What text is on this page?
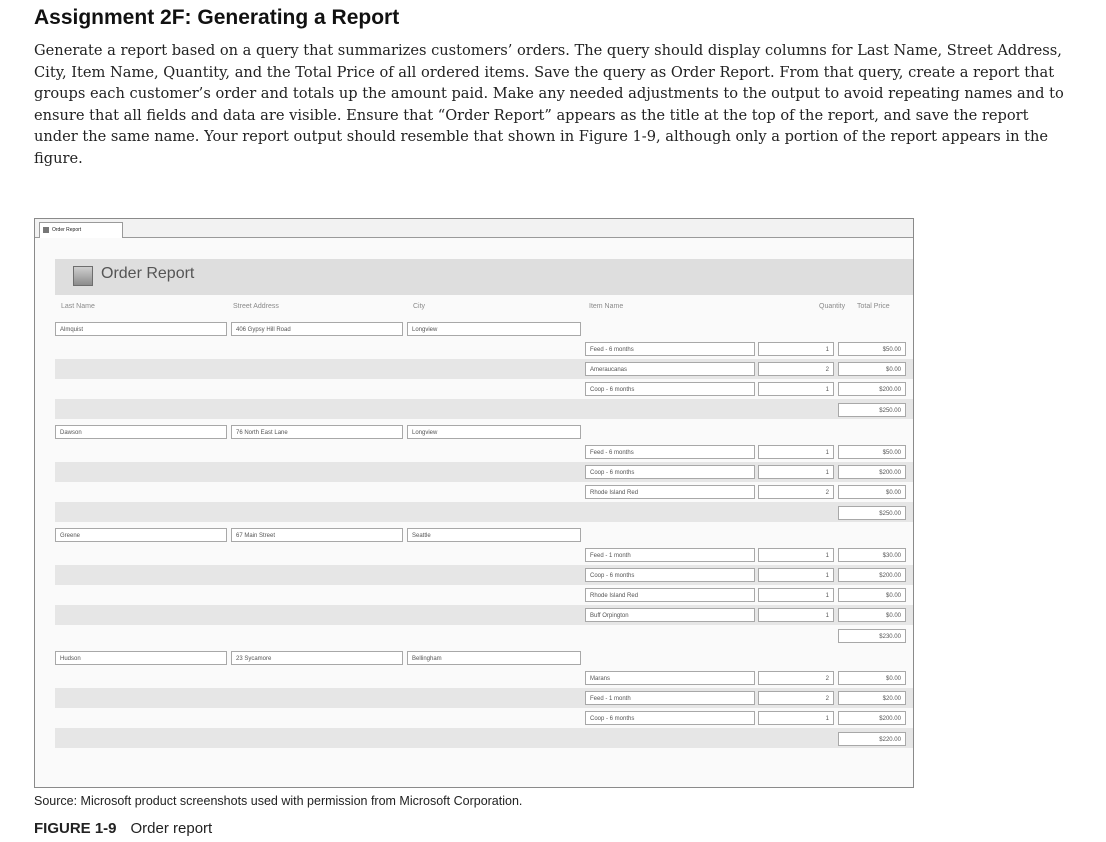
Assignment 2F: Generating a Report
Generate a report based on a query that summarizes customers’ orders. The query should display columns for Last Name, Street Address, City, Item Name, Quantity, and the Total Price of all ordered items. Save the query as Order Report. From that query, create a report that groups each customer’s order and totals up the amount paid. Make any needed adjustments to the output to avoid repeating names and to ensure that all fields and data are visible. Ensure that “Order Report” appears as the title at the top of the report, and save the report under the same name. Your report output should resemble that shown in Figure 1-9, although only a portion of the report appears in the figure.
Order Report
Order Report
Last Name	Street Address	City	Item Name	Quantity Total Price
Almquist	406 Gypsy Hill Road	Longview
Feed - 6 months	1	$50.00
Ameraucanas	2	$0.00
Coop - 6 months	1	$200.00
$250.00
Dawson	76 North East Lane	Longview
Feed - 6 months	1	$50.00
Coop - 6 months	1	$200.00
Rhode Island Red	2	$0.00
$250.00
Greene	67 Main Street	Seattle
Feed - 1 month	1	$30.00
Coop - 6 months	1	$200.00
Rhode Island Red	1	$0.00
Buff Orpington	1	$0.00
$230.00
Hudson	23 Sycamore	Bellingham
Marans	2	$0.00
Feed - 1 month	2	$20.00
Coop - 6 months	1	$200.00
$220.00
Source: Microsoft product screenshots used with permission from Microsoft Corporation.
FIGURE 1-9 Order report
